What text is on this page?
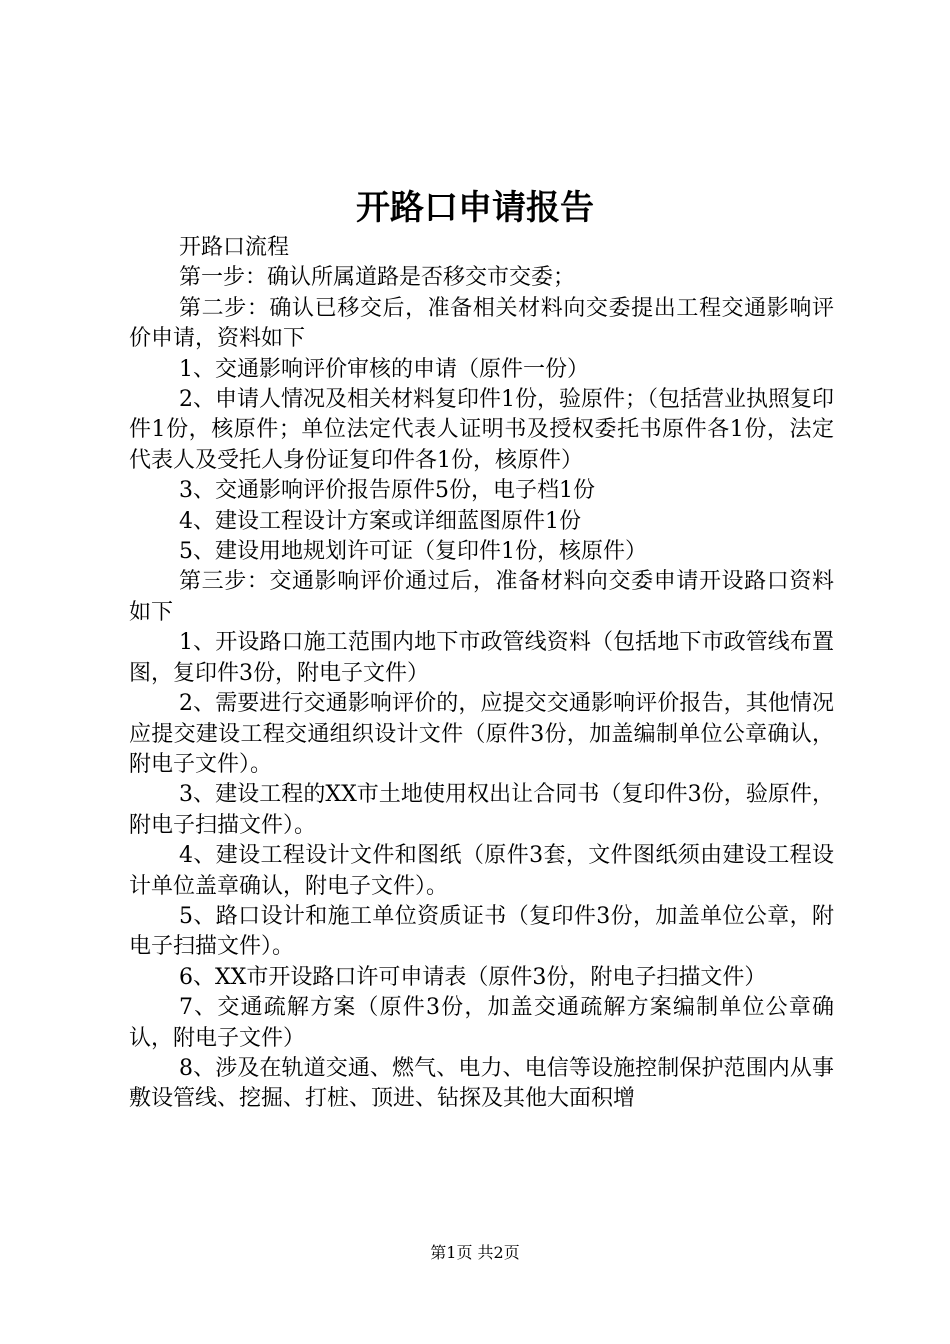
开路口申请报告

开路口流程

第一步：确认所属道路是否移交市交委；

第二步：确认已移交后，准备相关材料向交委提出工程交通影响评价申请，资料如下

1、交通影响评价审核的申请（原件一份）

2、申请人情况及相关材料复印件1份，验原件；（包括营业执照复印件1份，核原件；单位法定代表人证明书及授权委托书原件各1份，法定代表人及受托人身份证复印件各1份，核原件）

3、交通影响评价报告原件5份，电子档1份

4、建设工程设计方案或详细蓝图原件1份

5、建设用地规划许可证（复印件1份，核原件）

第三步：交通影响评价通过后，准备材料向交委申请开设路口资料如下

1、开设路口施工范围内地下市政管线资料（包括地下市政管线布置图，复印件3份，附电子文件）

2、需要进行交通影响评价的，应提交交通影响评价报告，其他情况应提交建设工程交通组织设计文件（原件3份，加盖编制单位公章确认，附电子文件）。

3、建设工程的XX市土地使用权出让合同书（复印件3份，验原件，附电子扫描文件）。

4、建设工程设计文件和图纸（原件3套，文件图纸须由建设工程设计单位盖章确认，附电子文件）。

5、路口设计和施工单位资质证书（复印件3份，加盖单位公章，附电子扫描文件）。

6、XX市开设路口许可申请表（原件3份，附电子扫描文件）

7、交通疏解方案（原件3份，加盖交通疏解方案编制单位公章确认，附电子文件）

8、涉及在轨道交通、燃气、电力、电信等设施控制保护范围内从事敷设管线、挖掘、打桩、顶进、钻探及其他大面积增

第1页 共2页
